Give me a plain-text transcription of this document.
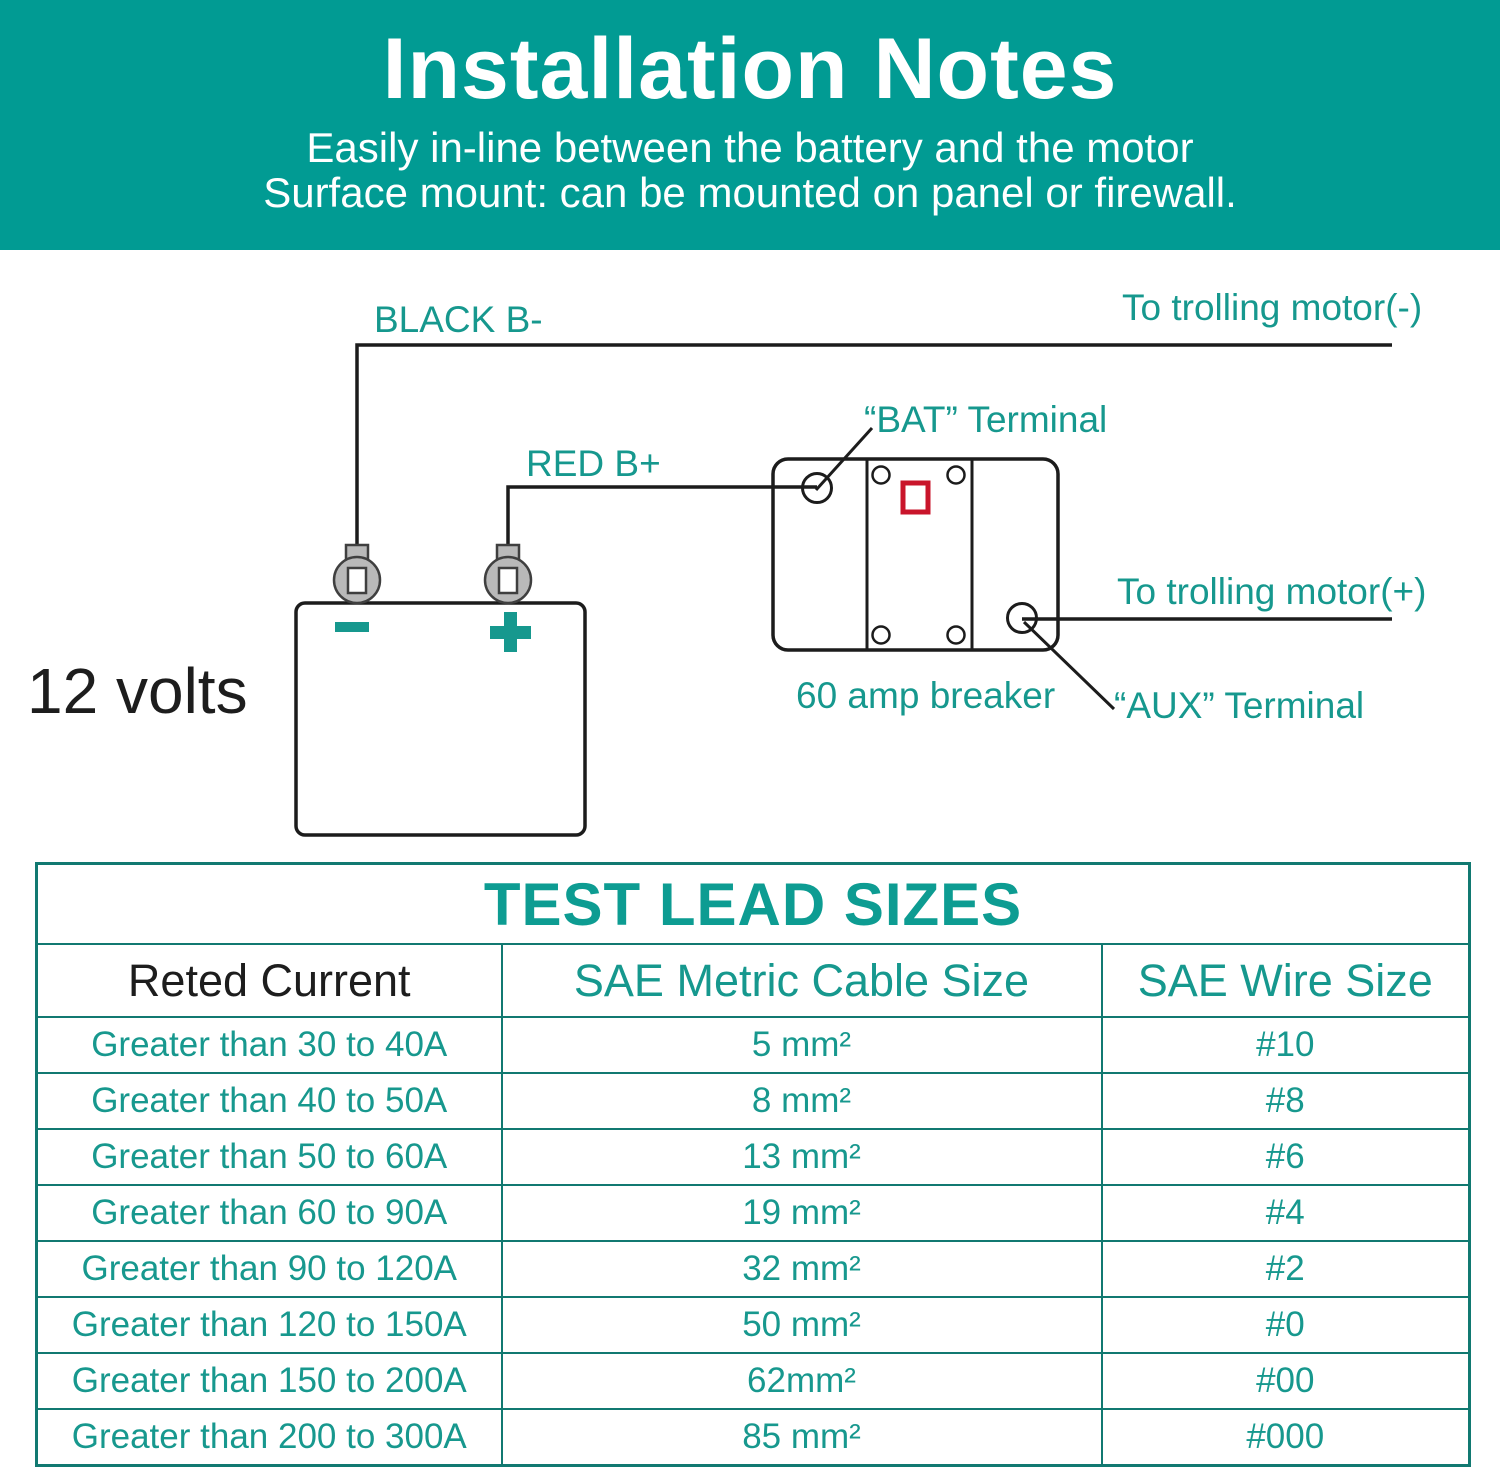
Installation Notes
Easily in-line between the battery and the motor
Surface mount: can be mounted on panel or firewall.
BLACK B-	To trolling motor(-)
RED B+
“BAT” Terminal
To trolling motor(+)
“AUX” Terminal
60 amp breaker
12 volts
TEST LEAD SIZES		
Reted Current	SAE Metric Cable Size	SAE Wire Size
Greater than 30 to 40A	5 mm²	#10
Greater than 40 to 50A	8 mm²	#8
Greater than 50 to 60A	13 mm²	#6
Greater than 60 to 90A	19 mm²	#4
Greater than 90 to 120A	32 mm²	#2
Greater than 120 to 150A	50 mm²	#0
Greater than 150 to 200A	62mm²	#00
Greater than 200 to 300A	85 mm²	#000
